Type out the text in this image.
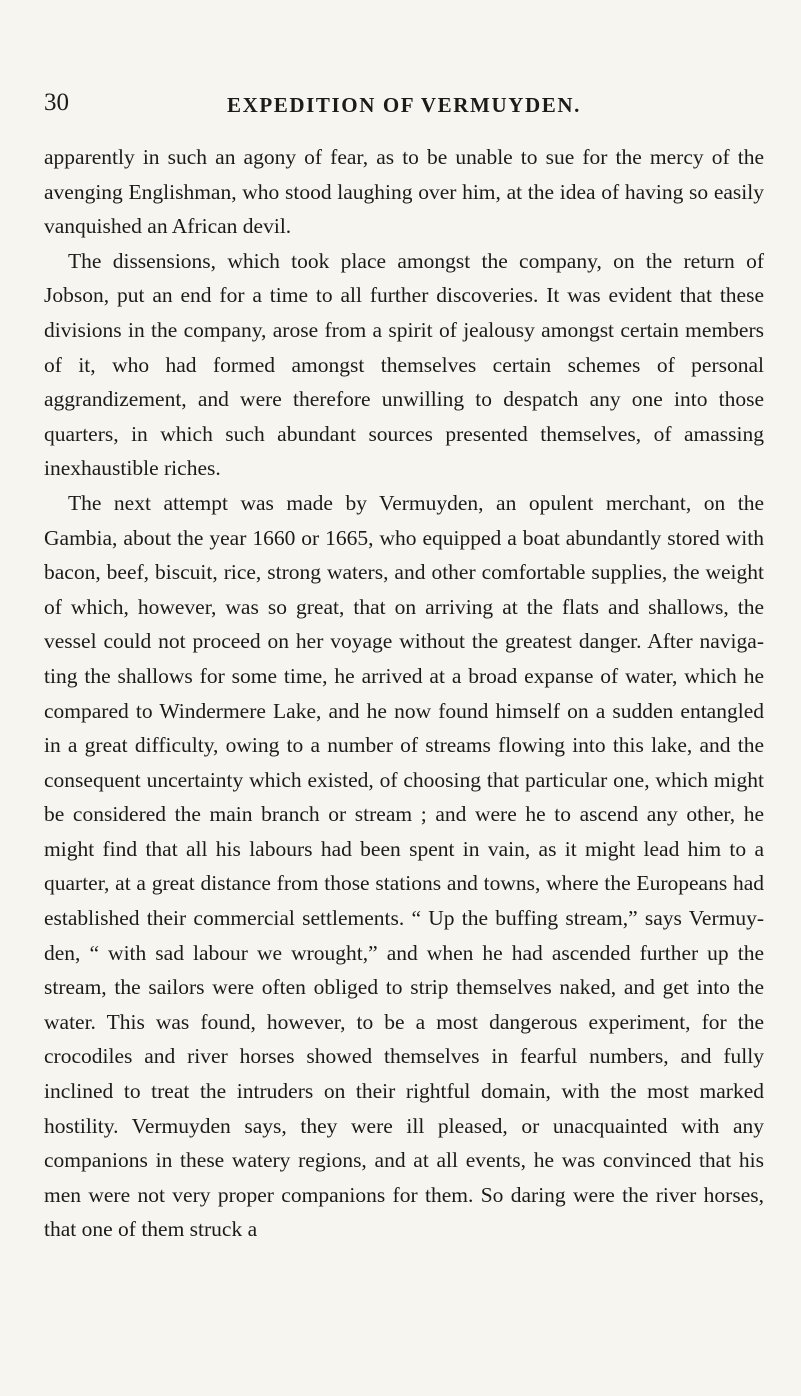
30	EXPEDITION OF VERMUYDEN.

apparently in such an agony of fear, as to be unable to sue for the mercy of the avenging Englishman, who stood laughing over him, at the idea of having so easily vanquished an African devil.

The dissensions, which took place amongst the company, on the return of Jobson, put an end for a time to all further discoveries. It was evident that these divisions in the company, arose from a spirit of jealousy amongst certain members of it, who had formed amongst themselves certain schemes of personal aggrandizement, and were therefore unwilling to despatch any one into those quarters, in which such abundant sources presented themselves, of amassing inexhaustible riches.

The next attempt was made by Vermuyden, an opulent merchant, on the Gambia, about the year 1660 or 1665, who equipped a boat abundantly stored with bacon, beef, biscuit, rice, strong waters, and other comfortable supplies, the weight of which, however, was so great, that on arriving at the flats and shallows, the vessel could not proceed on her voyage without the greatest danger. After navigating the shallows for some time, he arrived at a broad expanse of water, which he compared to Windermere Lake, and he now found himself on a sudden entangled in a great difficulty, owing to a number of streams flowing into this lake, and the consequent uncertainty which existed, of choosing that particular one, which might be considered the main branch or stream ; and were he to ascend any other, he might find that all his labours had been spent in vain, as it might lead him to a quarter, at a great distance from those stations and towns, where the Europeans had established their commercial settlements. “ Up the buffing stream,” says Vermuyden, “ with sad labour we wrought,” and when he had ascended further up the stream, the sailors were often obliged to strip themselves naked, and get into the water. This was found, however, to be a most dangerous experiment, for the crocodiles and river horses showed themselves in fearful numbers, and fully inclined to treat the intruders on their rightful domain, with the most marked hostility. Vermuyden says, they were ill pleased, or unacquainted with any companions in these watery regions, and at all events, he was convinced that his men were not very proper companions for them. So daring were the river horses, that one of them struck a
